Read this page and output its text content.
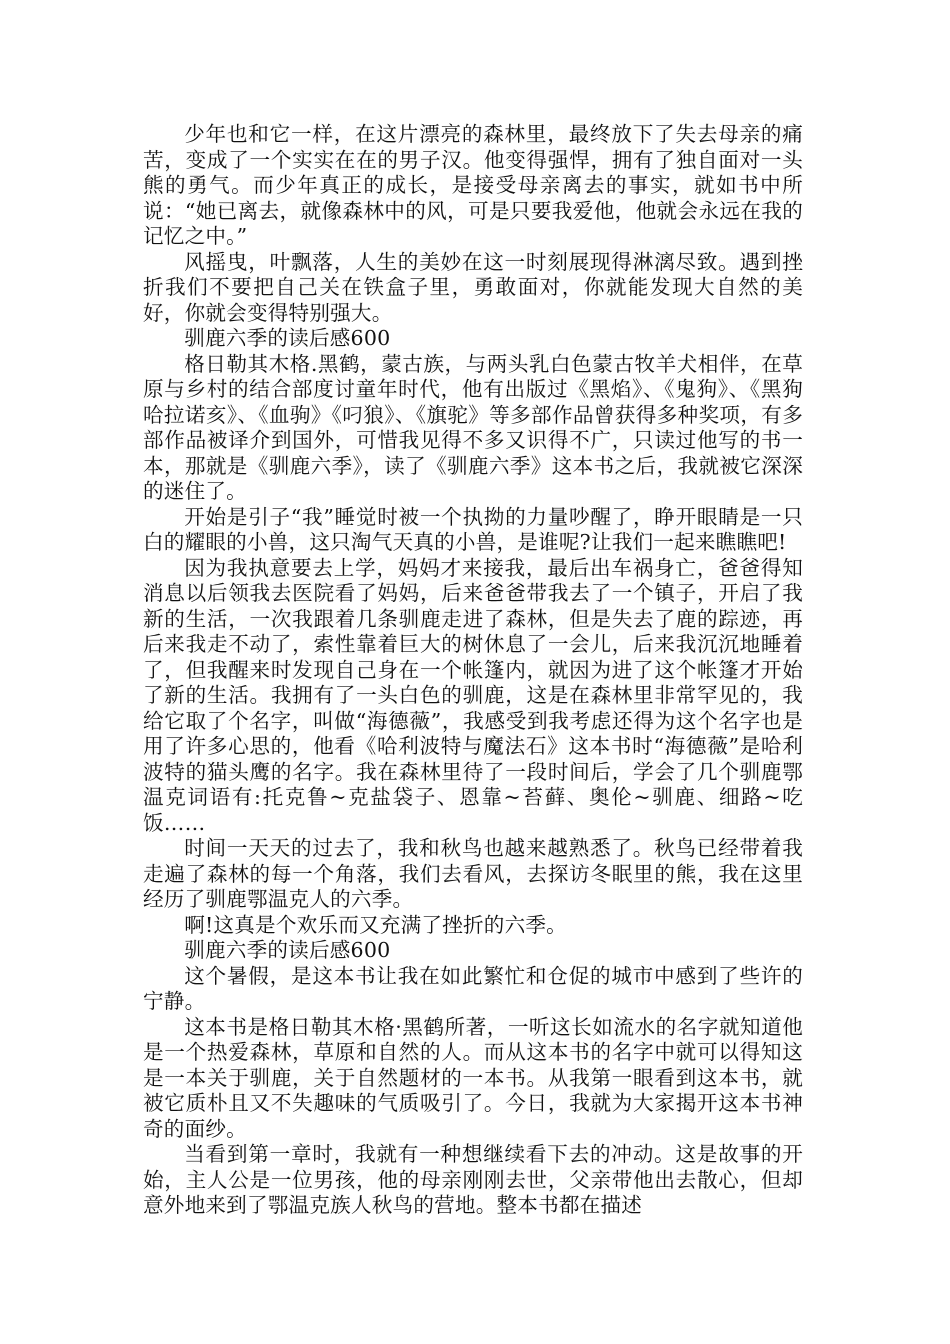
少年也和它一样，在这片漂亮的森林里，最终放下了失去母亲的痛苦，变成了一个实实在在的男子汉。他变得强悍，拥有了独自面对一头熊的勇气。而少年真正的成长，是接受母亲离去的事实，就如书中所说：“她已离去，就像森林中的风，可是只要我爱他，他就会永远在我的记忆之中。”

风摇曳，叶飘落，人生的美妙在这一时刻展现得淋漓尽致。遇到挫折我们不要把自己关在铁盒子里，勇敢面对，你就能发现大自然的美好，你就会变得特别强大。

驯鹿六季的读后感600

格日勒其木格.黑鹤，蒙古族，与两头乳白色蒙古牧羊犬相伴，在草原与乡村的结合部度讨童年时代，他有出版过《黑焰》、《鬼狗》、《黑狗哈拉诺亥》、《血驹》《叼狼》、《旗驼》等多部作品曾获得多种奖项，有多部作品被译介到国外，可惜我见得不多又识得不广，只读过他写的书一本，那就是《驯鹿六季》，读了《驯鹿六季》这本书之后，我就被它深深的迷住了。

开始是引子“我”睡觉时被一个执拗的力量吵醒了，睁开眼睛是一只白的耀眼的小兽，这只淘气天真的小兽，是谁呢?让我们一起来瞧瞧吧!

因为我执意要去上学，妈妈才来接我，最后出车祸身亡，爸爸得知消息以后领我去医院看了妈妈，后来爸爸带我去了一个镇子，开启了我新的生活，一次我跟着几条驯鹿走进了森林，但是失去了鹿的踪迹，再后来我走不动了，索性靠着巨大的树休息了一会儿，后来我沉沉地睡着了，但我醒来时发现自己身在一个帐篷内，就因为进了这个帐篷才开始了新的生活。我拥有了一头白色的驯鹿，这是在森林里非常罕见的，我给它取了个名字，叫做“海德薇”，我感受到我考虑还得为这个名字也是用了许多心思的，他看《哈利波特与魔法石》这本书时“海德薇”是哈利波特的猫头鹰的名字。我在森林里待了一段时间后，学会了几个驯鹿鄂温克词语有:托克鲁~克盐袋子、恩靠~苔藓、奥伦~驯鹿、细路~吃饭……

时间一天天的过去了，我和秋鸟也越来越熟悉了。秋鸟已经带着我走遍了森林的每一个角落，我们去看风，去探访冬眠里的熊，我在这里经历了驯鹿鄂温克人的六季。

啊!这真是个欢乐而又充满了挫折的六季。

驯鹿六季的读后感600

这个暑假，是这本书让我在如此繁忙和仓促的城市中感到了些许的宁静。

这本书是格日勒其木格·黑鹤所著，一听这长如流水的名字就知道他是一个热爱森林，草原和自然的人。而从这本书的名字中就可以得知这是一本关于驯鹿，关于自然题材的一本书。从我第一眼看到这本书，就被它质朴且又不失趣味的气质吸引了。今日，我就为大家揭开这本书神奇的面纱。

当看到第一章时，我就有一种想继续看下去的冲动。这是故事的开始，主人公是一位男孩，他的母亲刚刚去世，父亲带他出去散心，但却意外地来到了鄂温克族人秋鸟的营地。整本书都在描述
